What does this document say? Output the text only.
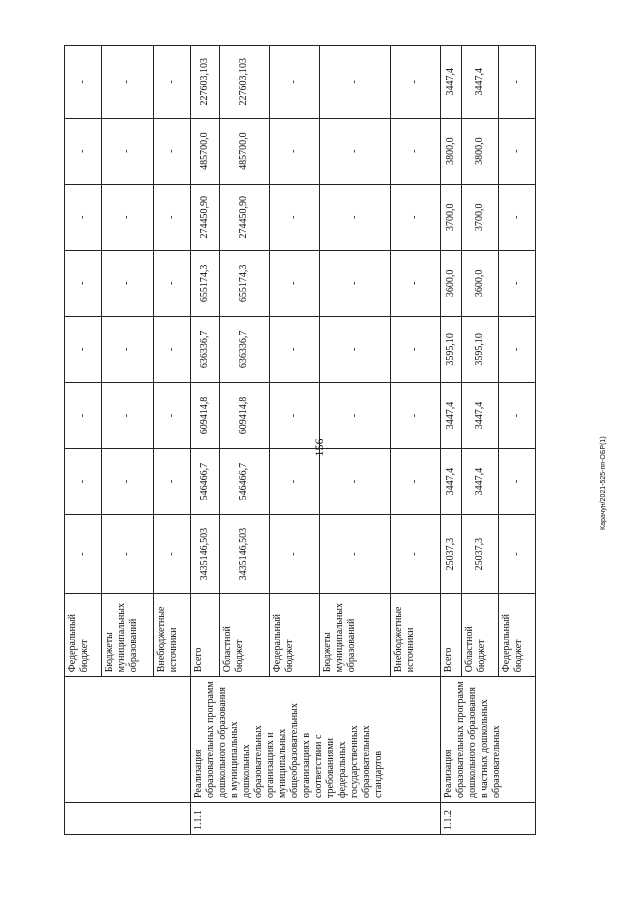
156	Карачун/2021-525-пп-ОБР(1)
		Федеральный бюджет	-	-	-	-	-	-	-	-
		Бюджеты муниципальных образований	-	-	-	-	-	-	-	-
		Внебюджетные источники	-	-	-	-	-	-	-	-
1.1.1	Реализация образовательных программ дошкольного образования в муниципальных дошкольных образовательных организациях и муниципальных общеобразовательных организациях в соответствии с требованиями федеральных государственных образовательных стандартов	Всего	3435146,503	546466,7	609414,8	636336,7	655174,3	274450,90	485700,0	227603,103
		Областной бюджет	3435146,503	546466,7	609414,8	636336,7	655174,3	274450,90	485700,0	227603,103
		Федеральный бюджет	-	-	-	-	-	-	-	-
		Бюджеты муниципальных образований	-	-	-	-	-	-	-	-
		Внебюджетные источники	-	-	-	-	-	-	-	-
1.1.2	Реализация образовательных программ дошкольного образования в частных дошкольных образовательных	Всего	25037,3	3447,4	3447,4	3595,10	3600,0	3700,0	3800,0	3447,4
		Областной бюджет	25037,3	3447,4	3447,4	3595,10	3600,0	3700,0	3800,0	3447,4
		Федеральный бюджет	-	-	-	-	-	-	-	-
